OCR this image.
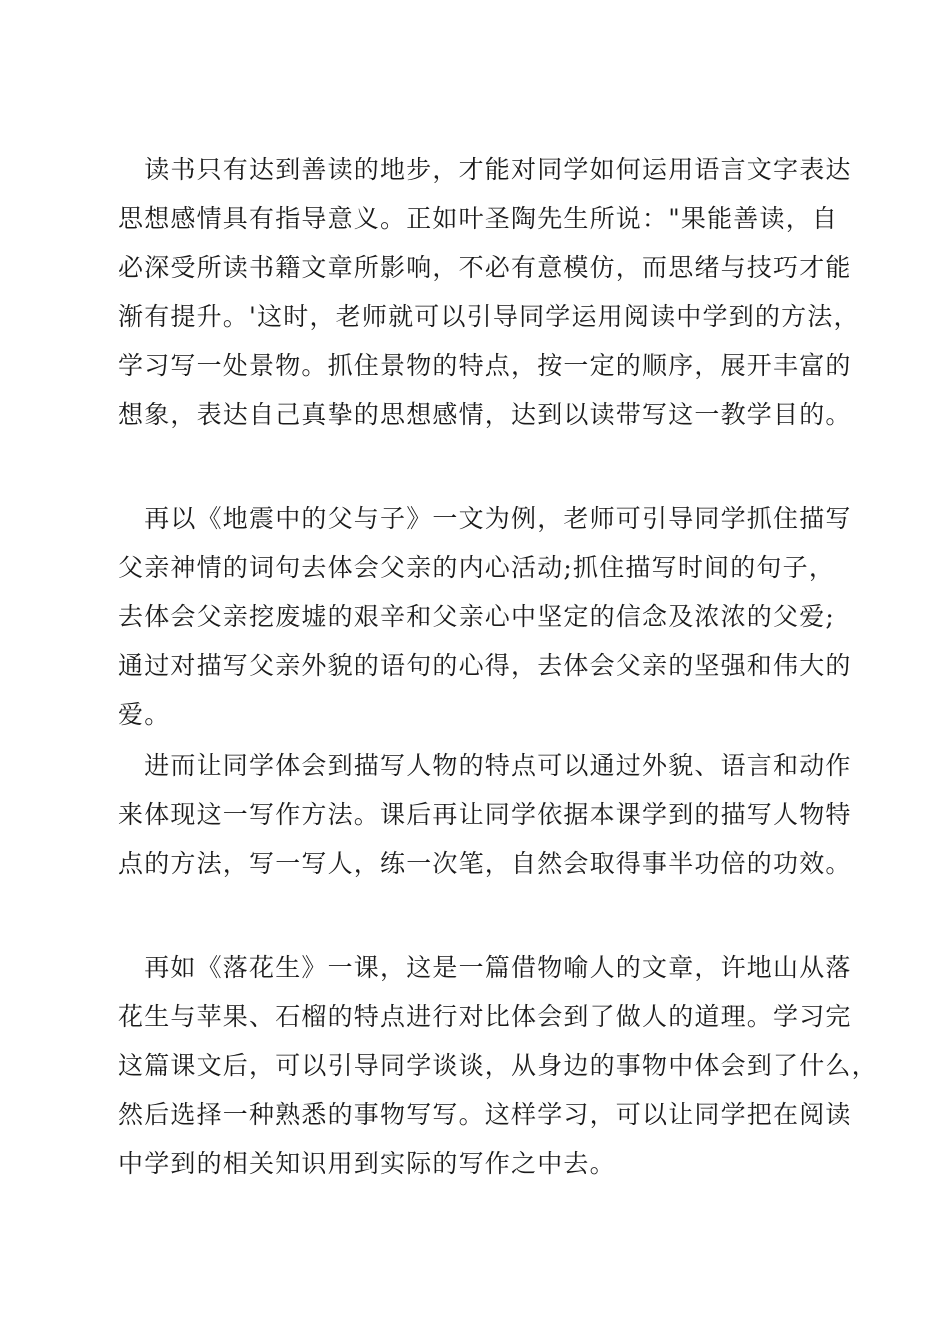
　读书只有达到善读的地步，才能对同学如何运用语言文字表达
思想感情具有指导意义。正如叶圣陶先生所说："果能善读，自
必深受所读书籍文章所影响，不必有意模仿，而思绪与技巧才能
渐有提升。'这时，老师就可以引导同学运用阅读中学到的方法，
学习写一处景物。抓住景物的特点，按一定的顺序，展开丰富的
想象，表达自己真挚的思想感情，达到以读带写这一教学目的。
　再以《地震中的父与子》一文为例，老师可引导同学抓住描写
父亲神情的词句去体会父亲的内心活动;抓住描写时间的句子，
去体会父亲挖废墟的艰辛和父亲心中坚定的信念及浓浓的父爱;
通过对描写父亲外貌的语句的心得，去体会父亲的坚强和伟大的
爱。
　进而让同学体会到描写人物的特点可以通过外貌、语言和动作
来体现这一写作方法。课后再让同学依据本课学到的描写人物特
点的方法，写一写人，练一次笔，自然会取得事半功倍的功效。
　再如《落花生》一课，这是一篇借物喻人的文章，许地山从落
花生与苹果、石榴的特点进行对比体会到了做人的道理。学习完
这篇课文后，可以引导同学谈谈，从身边的事物中体会到了什么，
然后选择一种熟悉的事物写写。这样学习，可以让同学把在阅读
中学到的相关知识用到实际的写作之中去。
